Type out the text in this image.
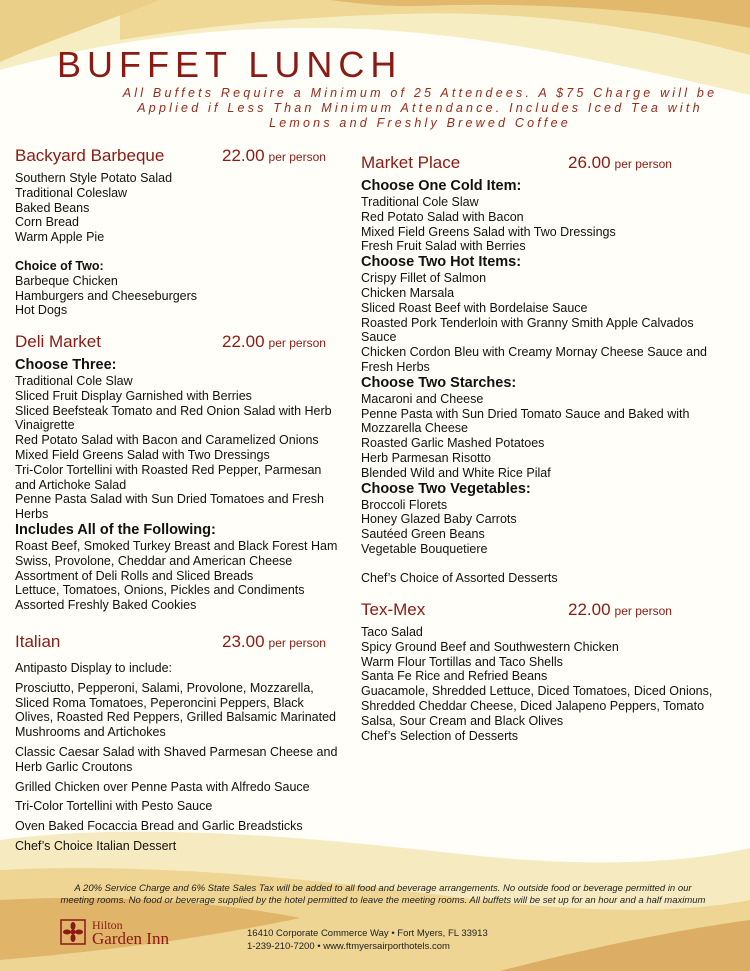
BUFFET LUNCH
All Buffets Require a Minimum of 25 Attendees. A $75 Charge will be
Applied if Less Than Minimum Attendance. Includes Iced Tea with
Lemons and Freshly Brewed Coffee
Backyard Barbeque	22.00 per person
Southern Style Potato Salad
Traditional Coleslaw
Baked Beans
Corn Bread
Warm Apple Pie
Choice of Two:
Barbeque Chicken
Hamburgers and Cheeseburgers
Hot Dogs
Deli Market	22.00 per person
Choose Three:
Traditional Cole Slaw
Sliced Fruit Display Garnished with Berries
Sliced Beefsteak Tomato and Red Onion Salad with Herb
Vinaigrette
Red Potato Salad with Bacon and Caramelized Onions
Mixed Field Greens Salad with Two Dressings
Tri-Color Tortellini with Roasted Red Pepper, Parmesan
and Artichoke Salad
Penne Pasta Salad with Sun Dried Tomatoes and Fresh
Herbs
Includes All of the Following:
Roast Beef, Smoked Turkey Breast and Black Forest Ham
Swiss, Provolone, Cheddar and American Cheese
Assortment of Deli Rolls and Sliced Breads
Lettuce, Tomatoes, Onions, Pickles and Condiments
Assorted Freshly Baked Cookies
Italian	23.00 per person
Antipasto Display to include:
Prosciutto, Pepperoni, Salami, Provolone, Mozzarella,
Sliced Roma Tomatoes, Peperoncini Peppers, Black
Olives, Roasted Red Peppers, Grilled Balsamic Marinated
Mushrooms and Artichokes
Classic Caesar Salad with Shaved Parmesan Cheese and
Herb Garlic Croutons
Grilled Chicken over Penne Pasta with Alfredo Sauce
Tri-Color Tortellini with Pesto Sauce
Oven Baked Focaccia Bread and Garlic Breadsticks
Chef’s Choice Italian Dessert
Market Place	26.00 per person
Choose One Cold Item:
Traditional Cole Slaw
Red Potato Salad with Bacon
Mixed Field Greens Salad with Two Dressings
Fresh Fruit Salad with Berries
Choose Two Hot Items:
Crispy Fillet of Salmon
Chicken Marsala
Sliced Roast Beef with Bordelaise Sauce
Roasted Pork Tenderloin with Granny Smith Apple Calvados
Sauce
Chicken Cordon Bleu with Creamy Mornay Cheese Sauce and
Fresh Herbs
Choose Two Starches:
Macaroni and Cheese
Penne Pasta with Sun Dried Tomato Sauce and Baked with
Mozzarella Cheese
Roasted Garlic Mashed Potatoes
Herb Parmesan Risotto
Blended Wild and White Rice Pilaf
Choose Two Vegetables:
Broccoli Florets
Honey Glazed Baby Carrots
Sautéed Green Beans
Vegetable Bouquetiere
Chef’s Choice of Assorted Desserts
Tex-Mex	22.00 per person
Taco Salad
Spicy Ground Beef and Southwestern Chicken
Warm Flour Tortillas and Taco Shells
Santa Fe Rice and Refried Beans
Guacamole, Shredded Lettuce, Diced Tomatoes, Diced Onions,
Shredded Cheddar Cheese, Diced Jalapeno Peppers, Tomato
Salsa, Sour Cream and Black Olives
Chef’s Selection of Desserts
A 20% Service Charge and 6% State Sales Tax will be added to all food and beverage arrangements. No outside food or beverage permitted in our
meeting rooms. No food or beverage supplied by the hotel permitted to leave the meeting rooms. All buffets will be set up for an hour and a half maximum
Hilton
Garden Inn	16410 Corporate Commerce Way • Fort Myers, FL 33913
1-239-210-7200 • www.ftmyersairporthotels.com
